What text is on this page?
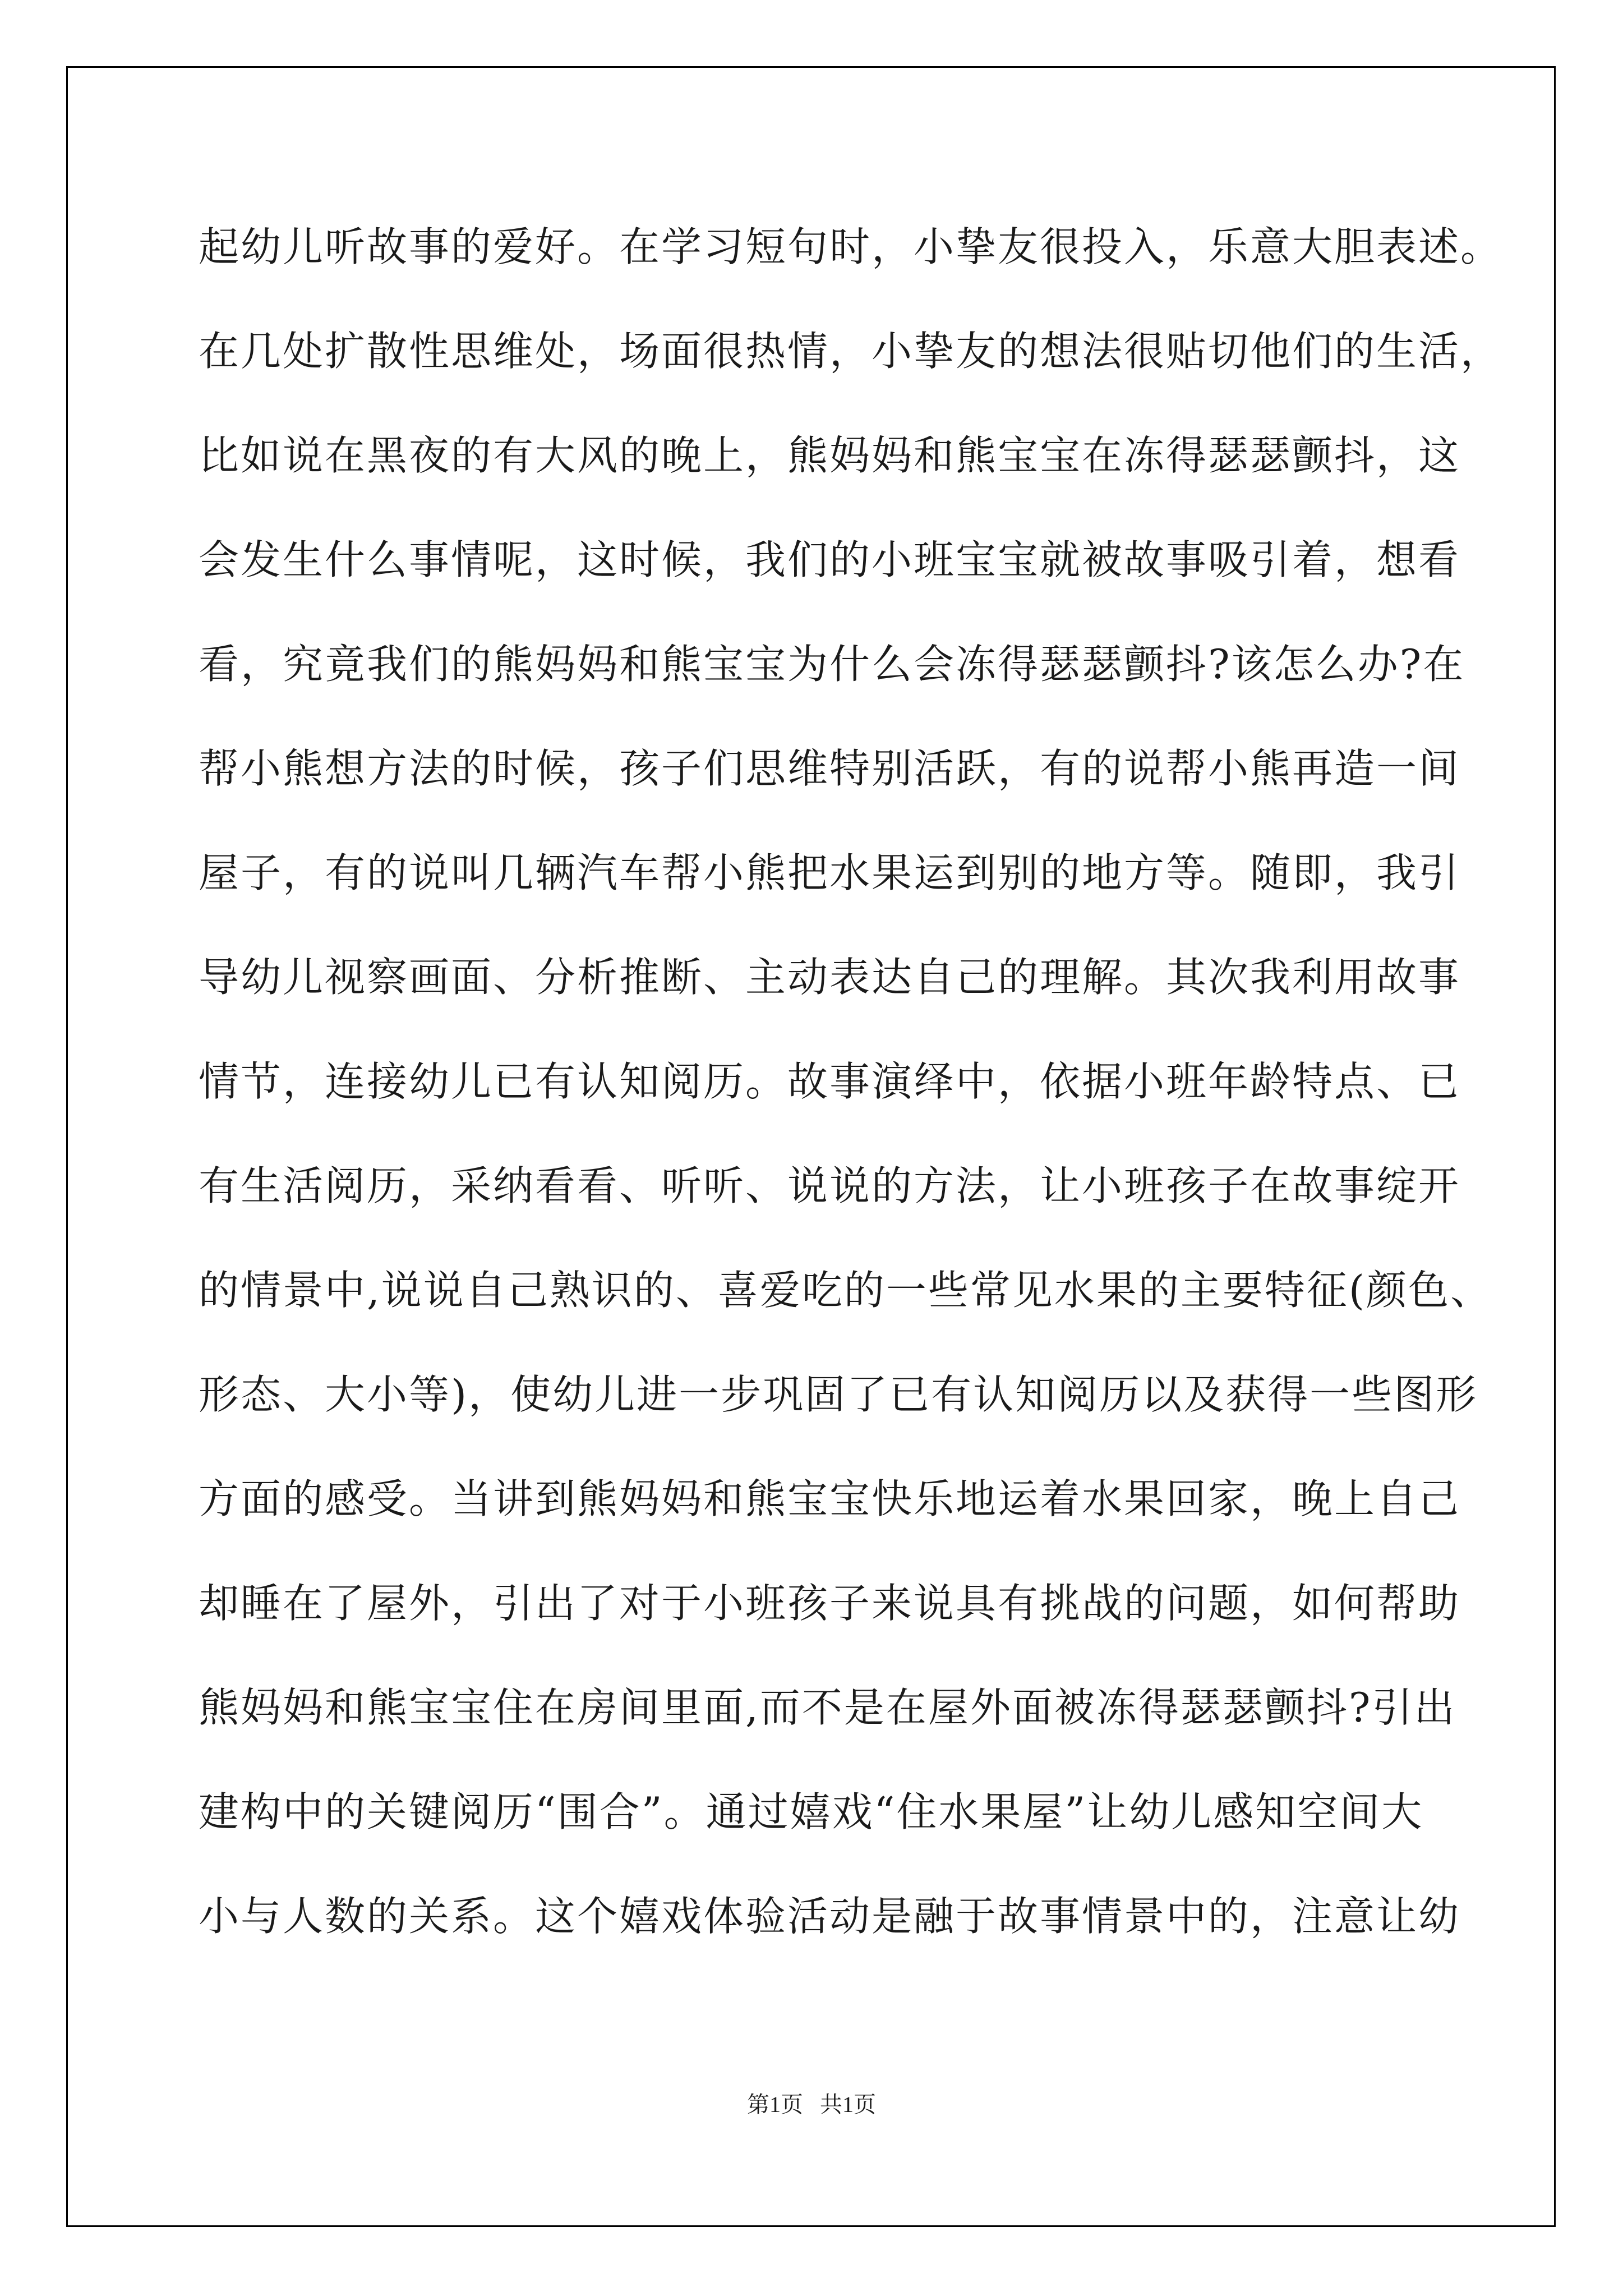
起幼儿听故事的爱好。在学习短句时，小挚友很投入，乐意大胆表述。
在几处扩散性思维处，场面很热情，小挚友的想法很贴切他们的生活，
比如说在黑夜的有大风的晚上，熊妈妈和熊宝宝在冻得瑟瑟颤抖，这
会发生什么事情呢，这时候，我们的小班宝宝就被故事吸引着，想看
看，究竟我们的熊妈妈和熊宝宝为什么会冻得瑟瑟颤抖?该怎么办?在
帮小熊想方法的时候，孩子们思维特别活跃，有的说帮小熊再造一间
屋子，有的说叫几辆汽车帮小熊把水果运到别的地方等。随即，我引
导幼儿视察画面、分析推断、主动表达自己的理解。其次我利用故事
情节，连接幼儿已有认知阅历。故事演绎中，依据小班年龄特点、已
有生活阅历，采纳看看、听听、说说的方法，让小班孩子在故事绽开
的情景中,说说自己熟识的、喜爱吃的一些常见水果的主要特征(颜色、
形态、大小等)，使幼儿进一步巩固了已有认知阅历以及获得一些图形
方面的感受。当讲到熊妈妈和熊宝宝快乐地运着水果回家，晚上自己
却睡在了屋外，引出了对于小班孩子来说具有挑战的问题，如何帮助
熊妈妈和熊宝宝住在房间里面,而不是在屋外面被冻得瑟瑟颤抖?引出
建构中的关键阅历“围合”。通过嬉戏“住水果屋”让幼儿感知空间大
小与人数的关系。这个嬉戏体验活动是融于故事情景中的，注意让幼
第1页   共1页
